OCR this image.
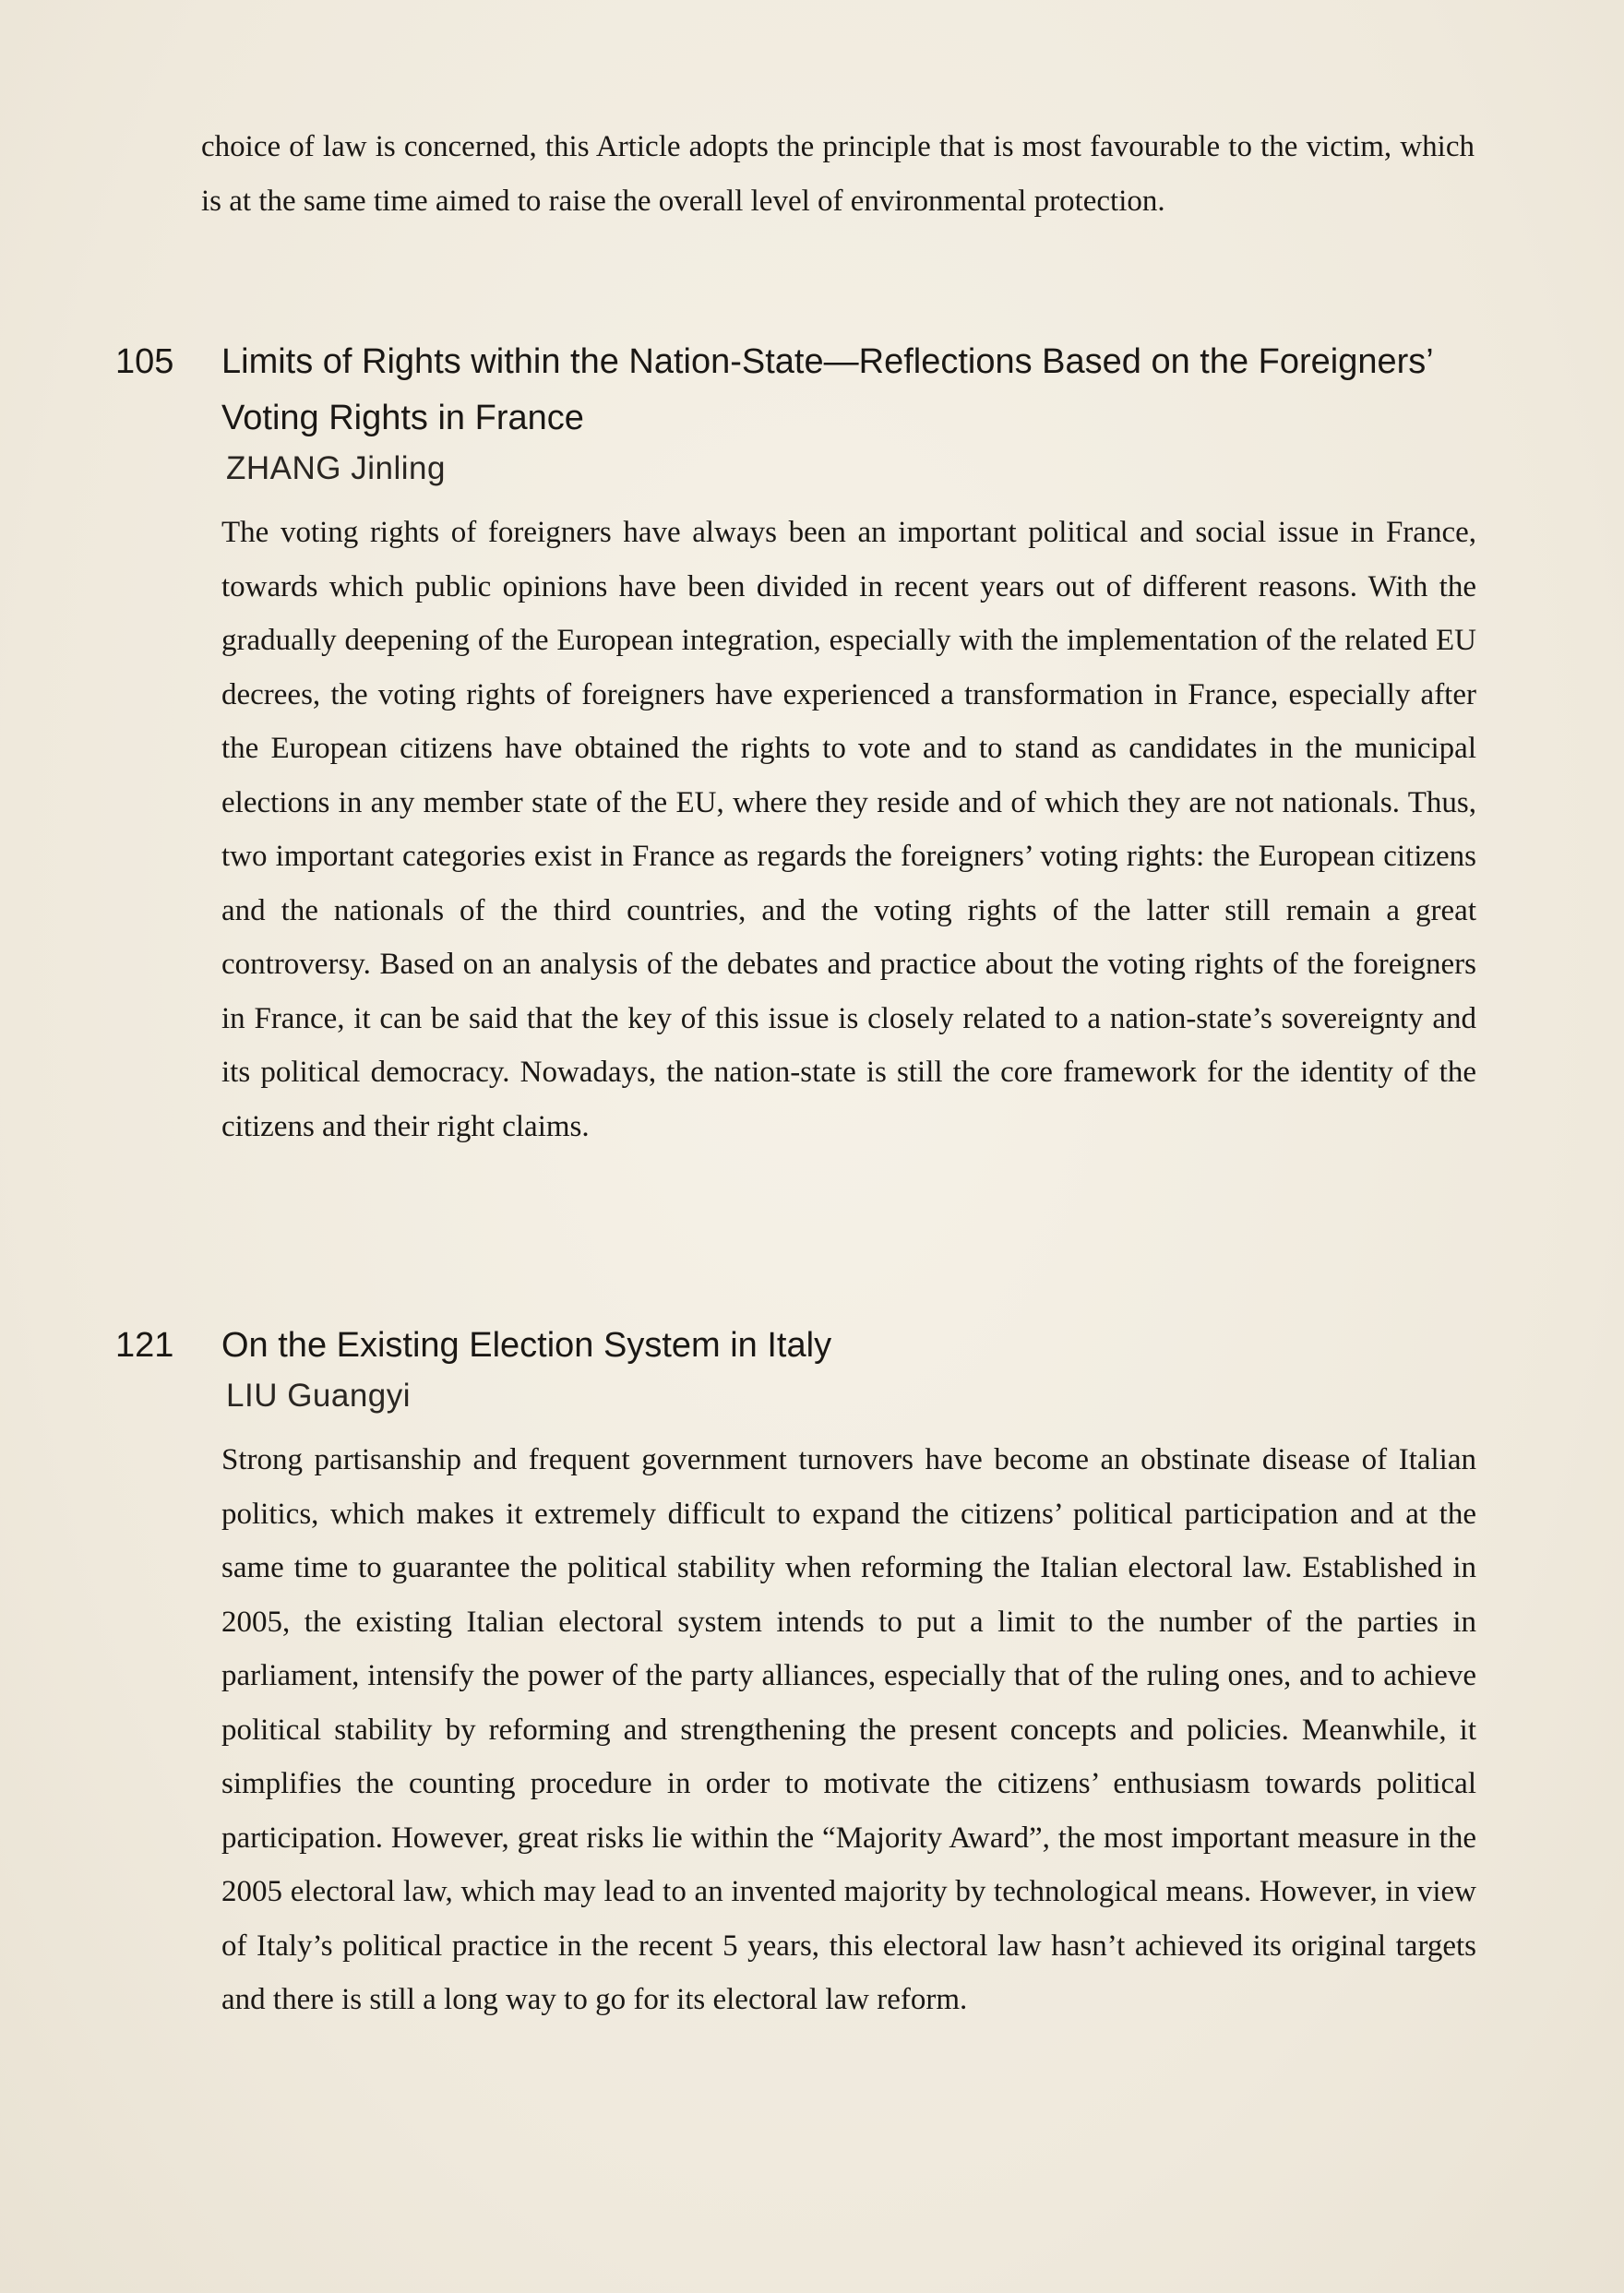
choice of law is concerned, this Article adopts the principle that is most favourable to the victim, which is at the same time aimed to raise the overall level of environmental protection.

105 Limits of Rights within the Nation-State—Reflections Based on the Foreigners’ Voting Rights in France
ZHANG Jinling

The voting rights of foreigners have always been an important political and social issue in France, towards which public opinions have been divided in recent years out of different reasons. With the gradually deepening of the European integration, especially with the implementation of the related EU decrees, the voting rights of foreigners have experienced a transformation in France, especially after the European citizens have obtained the rights to vote and to stand as candidates in the municipal elections in any member state of the EU, where they reside and of which they are not nationals. Thus, two important categories exist in France as regards the foreigners’ voting rights: the European citizens and the nationals of the third countries, and the voting rights of the latter still remain a great controversy. Based on an analysis of the debates and practice about the voting rights of the foreigners in France, it can be said that the key of this issue is closely related to a nation-state’s sovereignty and its political democracy. Nowadays, the nation-state is still the core framework for the identity of the citizens and their right claims.

121 On the Existing Election System in Italy
LIU Guangyi

Strong partisanship and frequent government turnovers have become an obstinate disease of Italian politics, which makes it extremely difficult to expand the citizens’ political participation and at the same time to guarantee the political stability when reforming the Italian electoral law. Established in 2005, the existing Italian electoral system intends to put a limit to the number of the parties in parliament, intensify the power of the party alliances, especially that of the ruling ones, and to achieve political stability by reforming and strengthening the present concepts and policies. Meanwhile, it simplifies the counting procedure in order to motivate the citizens’ enthusiasm towards political participation. However, great risks lie within the “Majority Award”, the most important measure in the 2005 electoral law, which may lead to an invented majority by technological means. However, in view of Italy’s political practice in the recent 5 years, this electoral law hasn’t achieved its original targets and there is still a long way to go for its electoral law reform.
